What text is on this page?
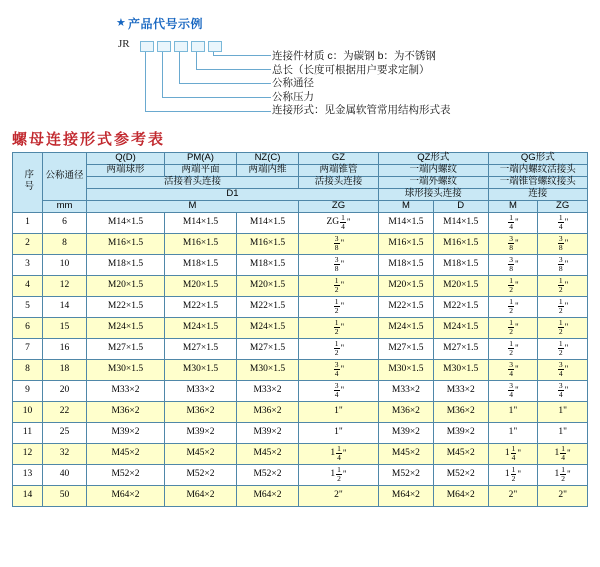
★ 产品代号示例
JR
连接件材质 c：为碳钢 b：为不锈钢
总长（长度可根据用户要求定制）
公称通径
公称压力
连接形式：见金属软管常用结构形式表
螺母连接形式参考表
序号	公称通径	Q(D)	PM(A)	NZ(C)	GZ	QZ形式		QG形式	
		两端球形	两端平面	两端内维	两端锥管	一端内螺纹		一端内螺纹活接头	
		活接着头连接			活接头连接	一端外螺纹		一端锥管螺纹接头	
		D1				球形接头连接		连接	
	mm	M			ZG	M	D	M	ZG
1	6	M14×1.5	M14×1.5	M14×1.5	ZG $\frac{1}{4}$ "	M14×1.5	M14×1.5	$\frac{1}{4}$ "	$\frac{1}{4}$ "

2	8	M16×1.5	M16×1.5	M16×1.5	$\frac{3}{8}$ "	M16×1.5	M16×1.5	$\frac{3}{8}$ "	$\frac{3}{8}$ "

3	10	M18×1.5	M18×1.5	M18×1.5	$\frac{3}{8}$ "	M18×1.5	M18×1.5	$\frac{3}{8}$ "	$\frac{3}{8}$ "

4	12	M20×1.5	M20×1.5	M20×1.5	$\frac{1}{2}$ "	M20×1.5	M20×1.5	$\frac{1}{2}$ "	$\frac{1}{2}$ "

5	14	M22×1.5	M22×1.5	M22×1.5	$\frac{1}{2}$ "	M22×1.5	M22×1.5	$\frac{1}{2}$ "	$\frac{1}{2}$ "

6	15	M24×1.5	M24×1.5	M24×1.5	$\frac{1}{2}$ "	M24×1.5	M24×1.5	$\frac{1}{2}$ "	$\frac{1}{2}$ "

7	16	M27×1.5	M27×1.5	M27×1.5	$\frac{1}{2}$ "	M27×1.5	M27×1.5	$\frac{1}{2}$ "	$\frac{1}{2}$ "

8	18	M30×1.5	M30×1.5	M30×1.5	$\frac{3}{4}$ "	M30×1.5	M30×1.5	$\frac{3}{4}$ "	$\frac{3}{4}$ "

9	20	M33×2	M33×2	M33×2	$\frac{3}{4}$ "	M33×2	M33×2	$\frac{3}{4}$ "	$\frac{3}{4}$ "

10	22	M36×2	M36×2	M36×2	1"	M36×2	M36×2	1"	1"
11	25	M39×2	M39×2	M39×2	1"	M39×2	M39×2	1"	1"
12	32	M45×2	M45×2	M45×2	$1 \frac{1}{4}$ "	M45×2	M45×2	$1 \frac{1}{4}$ "	$1 \frac{1}{4}$ "

13	40	M52×2	M52×2	M52×2	$1 \frac{1}{2}$ "	M52×2	M52×2	$1 \frac{1}{2}$ "	$1 \frac{1}{2}$ "

14	50	M64×2	M64×2	M64×2	2"	M64×2	M64×2	2"	2"
